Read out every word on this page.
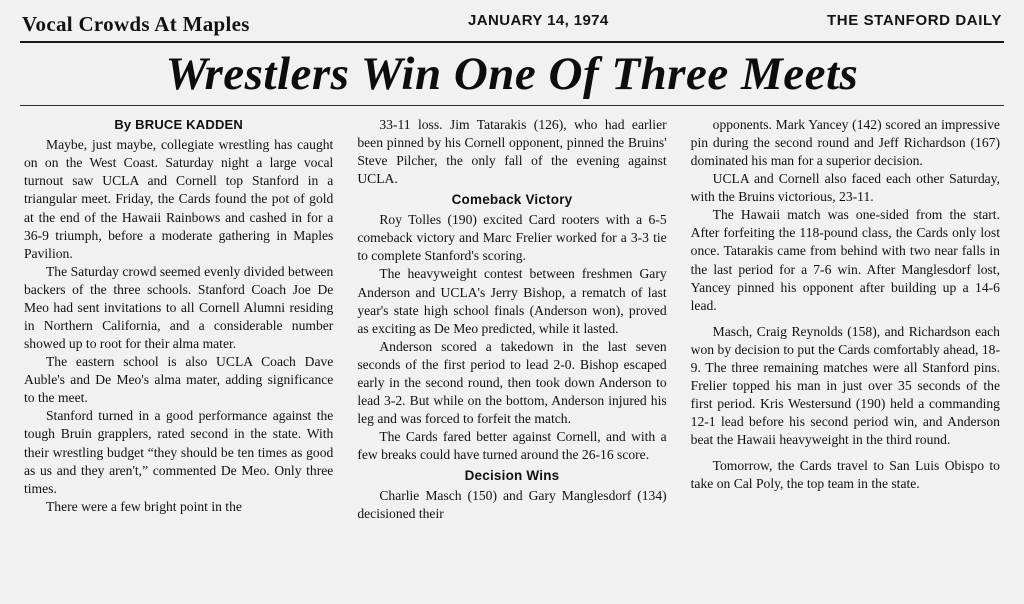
Vocal Crowds At Maples	JANUARY 14, 1974	THE STANFORD DAILY
Wrestlers Win One Of Three Meets
By BRUCE KADDEN

Maybe, just maybe, collegiate wrestling has caught on on the West Coast. Saturday night a large vocal turnout saw UCLA and Cornell top Stanford in a triangular meet. Friday, the Cards found the pot of gold at the end of the Hawaii Rainbows and cashed in for a 36-9 triumph, before a moderate gathering in Maples Pavilion.

The Saturday crowd seemed evenly divided between backers of the three schools. Stanford Coach Joe De Meo had sent invitations to all Cornell Alumni residing in Northern California, and a considerable number showed up to root for their alma mater.

The eastern school is also UCLA Coach Dave Auble's and De Meo's alma mater, adding significance to the meet.

Stanford turned in a good performance against the tough Bruin grapplers, rated second in the state. With their wrestling budget “they should be ten times as good as us and they aren't,” commented De Meo. Only three times.

There were a few bright point in the

33-11 loss. Jim Tatarakis (126), who had earlier been pinned by his Cornell opponent, pinned the Bruins' Steve Pilcher, the only fall of the evening against UCLA.

Comeback Victory

Roy Tolles (190) excited Card rooters with a 6-5 comeback victory and Marc Frelier worked for a 3-3 tie to complete Stanford's scoring.

The heavyweight contest between freshmen Gary Anderson and UCLA's Jerry Bishop, a rematch of last year's state high school finals (Anderson won), proved as exciting as De Meo predicted, while it lasted.

Anderson scored a takedown in the last seven seconds of the first period to lead 2-0. Bishop escaped early in the second round, then took down Anderson to lead 3-2. But while on the bottom, Anderson injured his leg and was forced to forfeit the match.

The Cards fared better against Cornell, and with a few breaks could have turned around the 26-16 score.

Decision Wins

Charlie Masch (150) and Gary Manglesdorf (134) decisioned their

opponents. Mark Yancey (142) scored an impressive pin during the second round and Jeff Richardson (167) dominated his man for a superior decision.

UCLA and Cornell also faced each other Saturday, with the Bruins victorious, 23-11.

The Hawaii match was one-sided from the start. After forfeiting the 118-pound class, the Cards only lost once. Tatarakis came from behind with two near falls in the last period for a 7-6 win. After Manglesdorf lost, Yancey pinned his opponent after building up a 14-6 lead.

Masch, Craig Reynolds (158), and Richardson each won by decision to put the Cards comfortably ahead, 18-9. The three remaining matches were all Stanford pins. Frelier topped his man in just over 35 seconds of the first period. Kris Westersund (190) held a commanding 12-1 lead before his second period win, and Anderson beat the Hawaii heavyweight in the third round.

Tomorrow, the Cards travel to San Luis Obispo to take on Cal Poly, the top team in the state.
